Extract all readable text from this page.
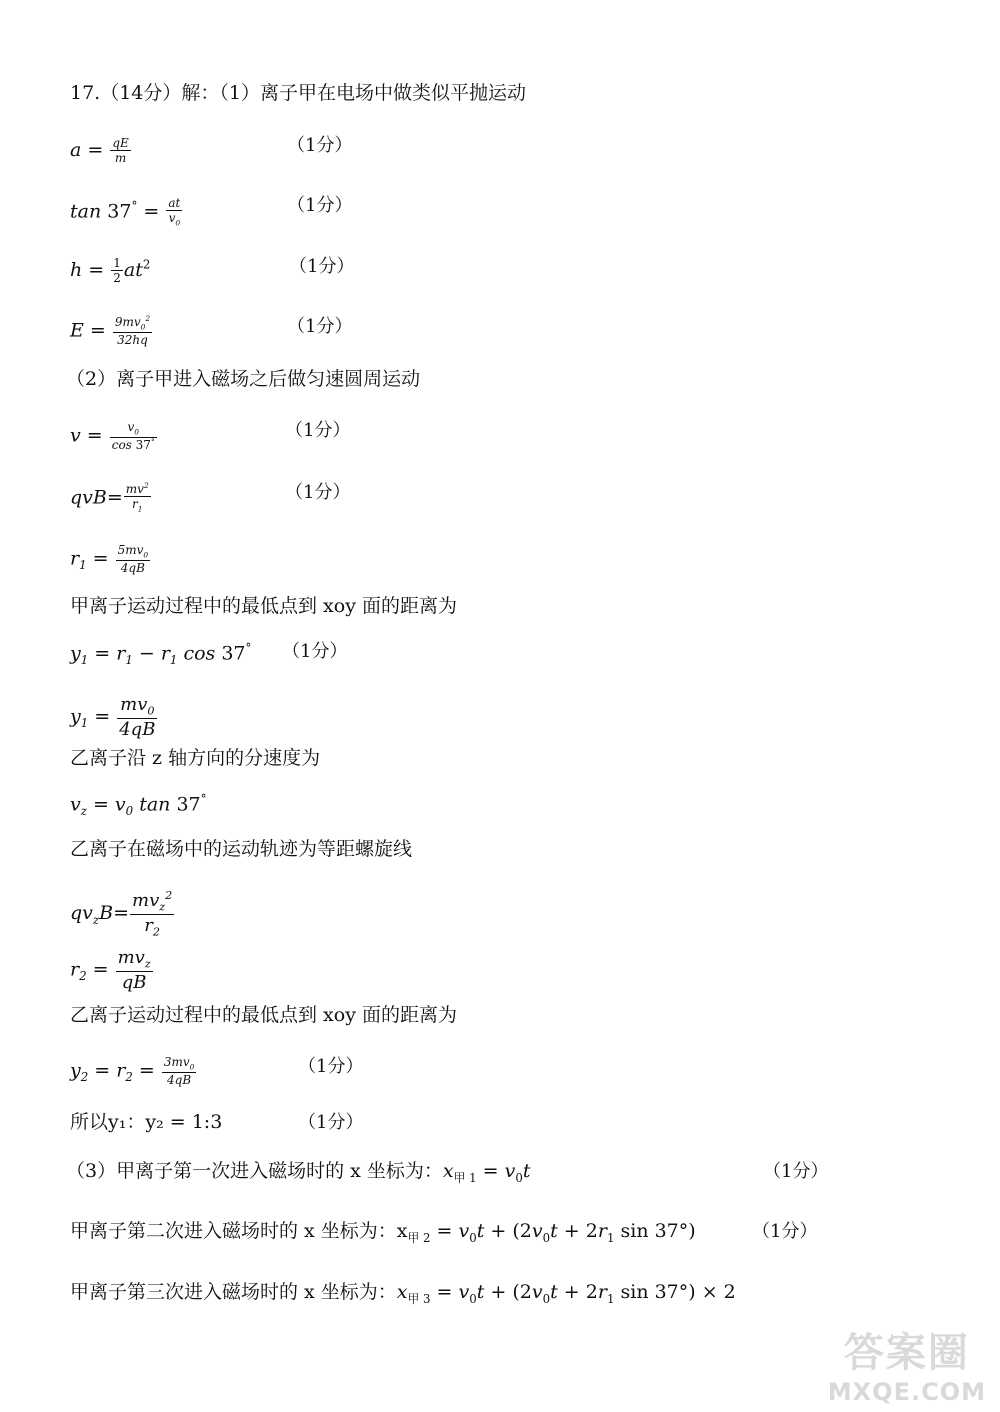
17.（14分）解：（1）离子甲在电场中做类似平抛运动
$a = \frac{qE}{m}$	（1分）
$\tan 37^\circ = \frac{at}{v_0}$	（1分）
$h = \frac{1}{2} at^2$	（1分）
$E = \frac{9mv_0^2}{32hq}$	（1分）
（2）离子甲进入磁场之后做匀速圆周运动
$v = \frac{v_0}{\cos 37^\circ}$	（1分）
$qvB= \frac{mv^2}{r_1}$	（1分）
$r_1 = \frac{5mv_0}{4qB}$
甲离子运动过程中的最低点到 xoy 面的距离为
$y_1 = r_1 - r_1$ cos 37° （1分）
$y_1 = \frac{mv_0}{4qB}$
乙离子沿 z 轴方向的分速度为
$v_z = v_0$ tan 37°
乙离子在磁场中的运动轨迹为等距螺旋线
$qv_zB= \frac{mv_z^2}{r_2}$
$r_2 = \frac{mv_z}{qB}$
乙离子运动过程中的最低点到 xoy 面的距离为
$y_2 = r_2 = \frac{3mv_0}{4qB}$	（1分）
所以y₁：y₂ = 1:3	（1分）
（3）甲离子第一次进入磁场时的 x 坐标为：$x_{甲 1} = v_0t$	（1分）
甲离子第二次进入磁场时的 x 坐标为：$x_{甲 2} = v_0t + (2v_0t + 2r_1$ sin 37°)	（1分）
甲离子第三次进入磁场时的 x 坐标为：$x_{甲 3} = v_0t + (2v_0t + 2r_1$ sin 37°) × 2
答案圈
MXQE.COM
